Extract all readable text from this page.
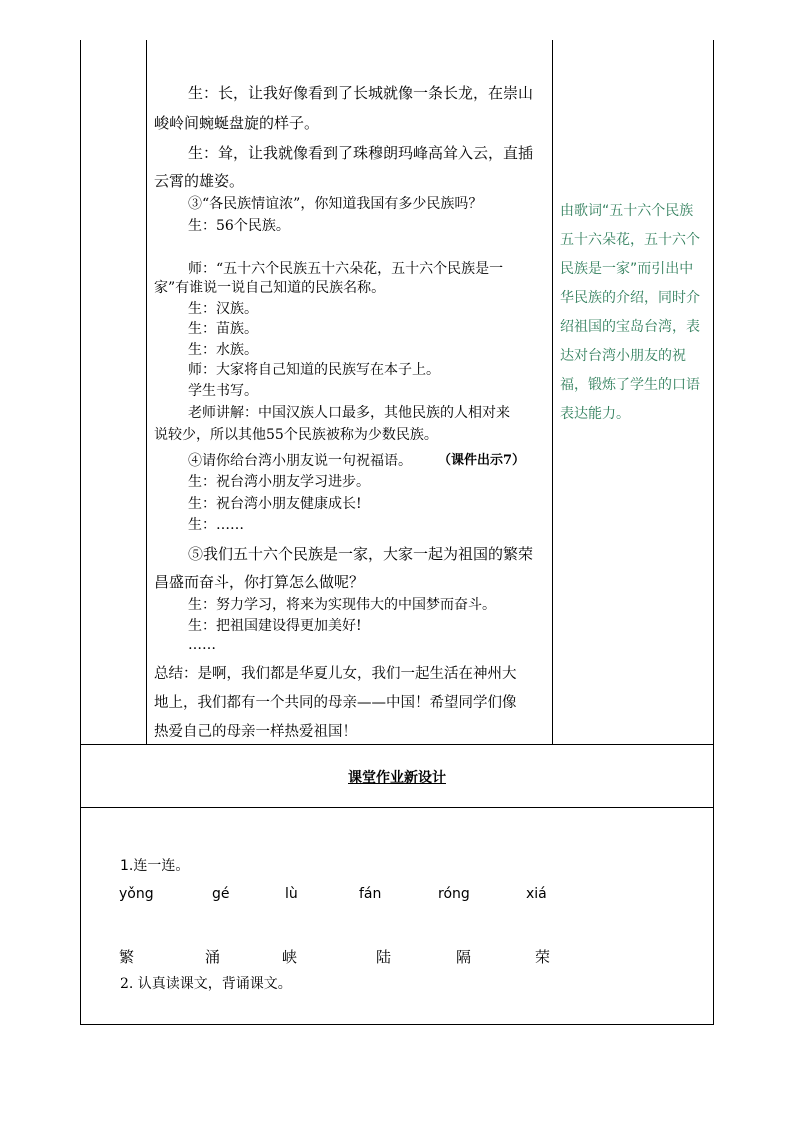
生：长，让我好像看到了长城就像一条长龙，在崇山
峻岭间蜿蜒盘旋的样子。
生：耸，让我就像看到了珠穆朗玛峰高耸入云，直插
云霄的雄姿。
③“各民族情谊浓”，你知道我国有多少民族吗？
生：56个民族。
师：“五十六个民族五十六朵花，五十六个民族是一
家”有谁说一说自己知道的民族名称。
生：汉族。
生：苗族。
生：水族。
师：大家将自己知道的民族写在本子上。
学生书写。
老师讲解：中国汉族人口最多，其他民族的人相对来
说较少，所以其他55个民族被称为少数民族。
④请你给台湾小朋友说一句祝福语。 （课件出示7）
生：祝台湾小朋友学习进步。
生：祝台湾小朋友健康成长!
生：……
⑤我们五十六个民族是一家，大家一起为祖国的繁荣
昌盛而奋斗，你打算怎么做呢？
生：努力学习，将来为实现伟大的中国梦而奋斗。
生：把祖国建设得更加美好!
……
总结：是啊，我们都是华夏儿女，我们一起生活在神州大
地上，我们都有一个共同的母亲——中国！希望同学们像
热爱自己的母亲一样热爱祖国！
由歌词“五十六个民族
五十六朵花，五十六个
民族是一家”而引出中
华民族的介绍，同时介
绍祖国的宝岛台湾，表
达对台湾小朋友的祝
福，锻炼了学生的口语
表达能力。
课堂作业新设计
1.连一连。
yǒng	gé	lù	fán	róng	xiá
繁	涌	峡	陆	隔	荣
2. 认真读课文，背诵课文。
